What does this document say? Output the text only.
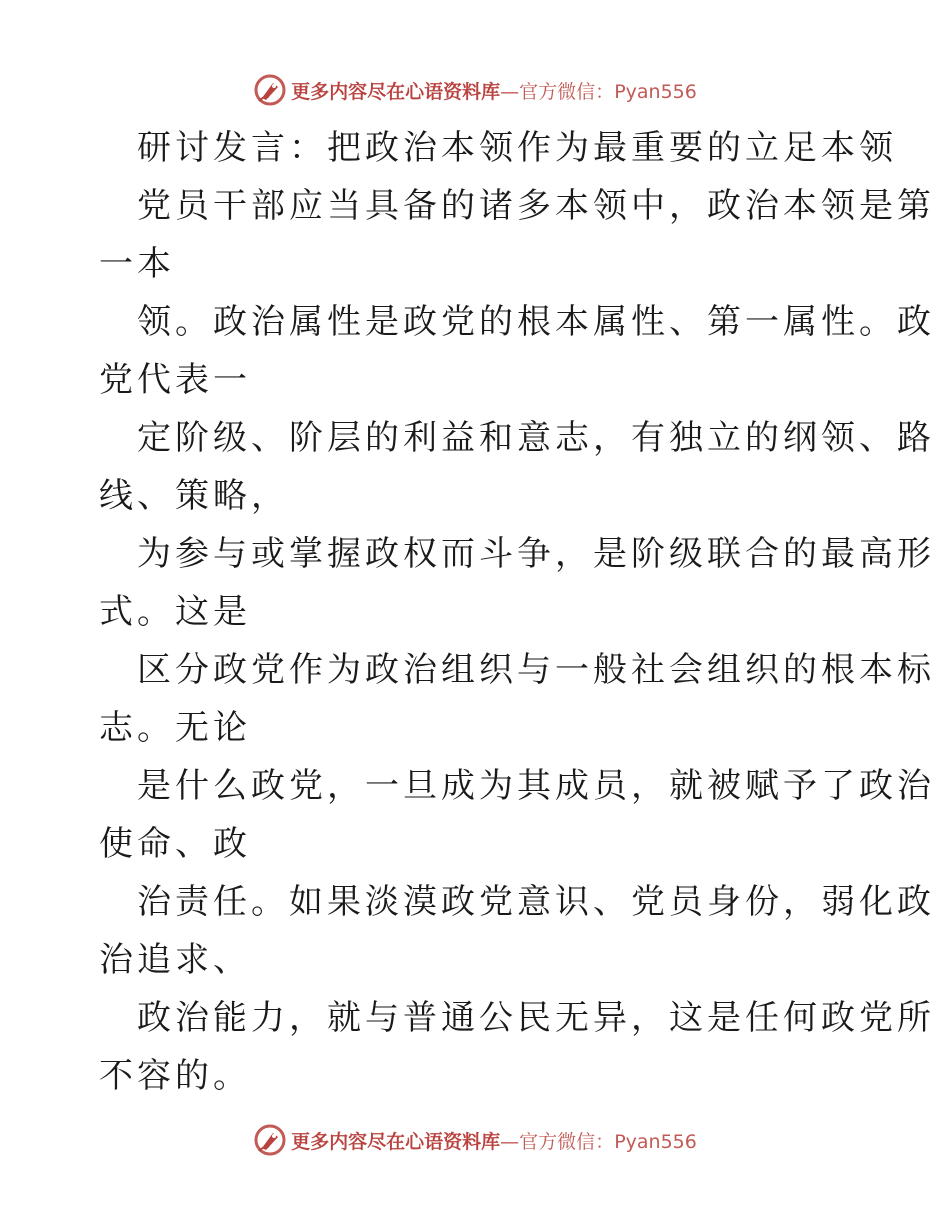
更多内容尽在心语资料库—官方微信：Pyan556
研讨发言：把政治本领作为最重要的立足本领
党员干部应当具备的诸多本领中，政治本领是第
一本
领。政治属性是政党的根本属性、第一属性。政
党代表一
定阶级、阶层的利益和意志，有独立的纲领、路
线、策略，
为参与或掌握政权而斗争，是阶级联合的最高形
式。这是
区分政党作为政治组织与一般社会组织的根本标
志。无论
是什么政党，一旦成为其成员，就被赋予了政治
使命、政
治责任。如果淡漠政党意识、党员身份，弱化政
治追求、
政治能力，就与普通公民无异，这是任何政党所
不容的。
更多内容尽在心语资料库—官方微信：Pyan556
